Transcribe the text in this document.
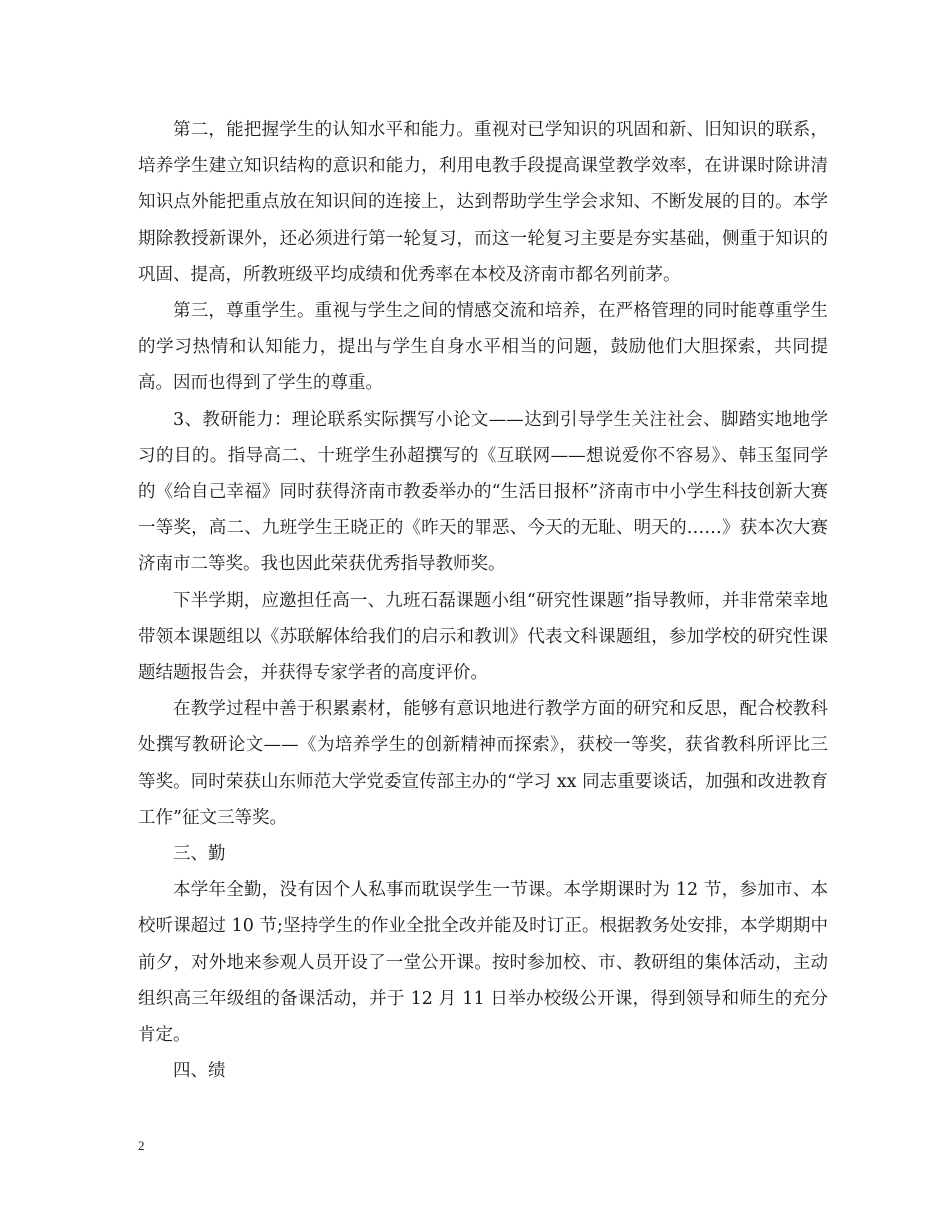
第二，能把握学生的认知水平和能力。重视对已学知识的巩固和新、旧知识的联系，培养学生建立知识结构的意识和能力，利用电教手段提高课堂教学效率，在讲课时除讲清知识点外能把重点放在知识间的连接上，达到帮助学生学会求知、不断发展的目的。本学期除教授新课外，还必须进行第一轮复习，而这一轮复习主要是夯实基础，侧重于知识的巩固、提高，所教班级平均成绩和优秀率在本校及济南市都名列前茅。

第三，尊重学生。重视与学生之间的情感交流和培养，在严格管理的同时能尊重学生的学习热情和认知能力，提出与学生自身水平相当的问题，鼓励他们大胆探索，共同提高。因而也得到了学生的尊重。

3、教研能力：理论联系实际撰写小论文——达到引导学生关注社会、脚踏实地地学习的目的。指导高二、十班学生孙超撰写的《互联网——想说爱你不容易》、韩玉玺同学的《给自己幸福》同时获得济南市教委举办的“生活日报杯”济南市中小学生科技创新大赛一等奖，高二、九班学生王晓正的《昨天的罪恶、今天的无耻、明天的……》获本次大赛济南市二等奖。我也因此荣获优秀指导教师奖。

下半学期，应邀担任高一、九班石磊课题小组“研究性课题”指导教师，并非常荣幸地带领本课题组以《苏联解体给我们的启示和教训》代表文科课题组，参加学校的研究性课题结题报告会，并获得专家学者的高度评价。

在教学过程中善于积累素材，能够有意识地进行教学方面的研究和反思，配合校教科处撰写教研论文——《为培养学生的创新精神而探索》，获校一等奖，获省教科所评比三等奖。同时荣获山东师范大学党委宣传部主办的“学习 xx 同志重要谈话，加强和改进教育工作”征文三等奖。

三、勤

本学年全勤，没有因个人私事而耽误学生一节课。本学期课时为 12 节，参加市、本校听课超过 10 节;坚持学生的作业全批全改并能及时订正。根据教务处安排，本学期期中前夕，对外地来参观人员开设了一堂公开课。按时参加校、市、教研组的集体活动，主动组织高三年级组的备课活动，并于 12 月 11 日举办校级公开课，得到领导和师生的充分肯定。

四、绩

2
